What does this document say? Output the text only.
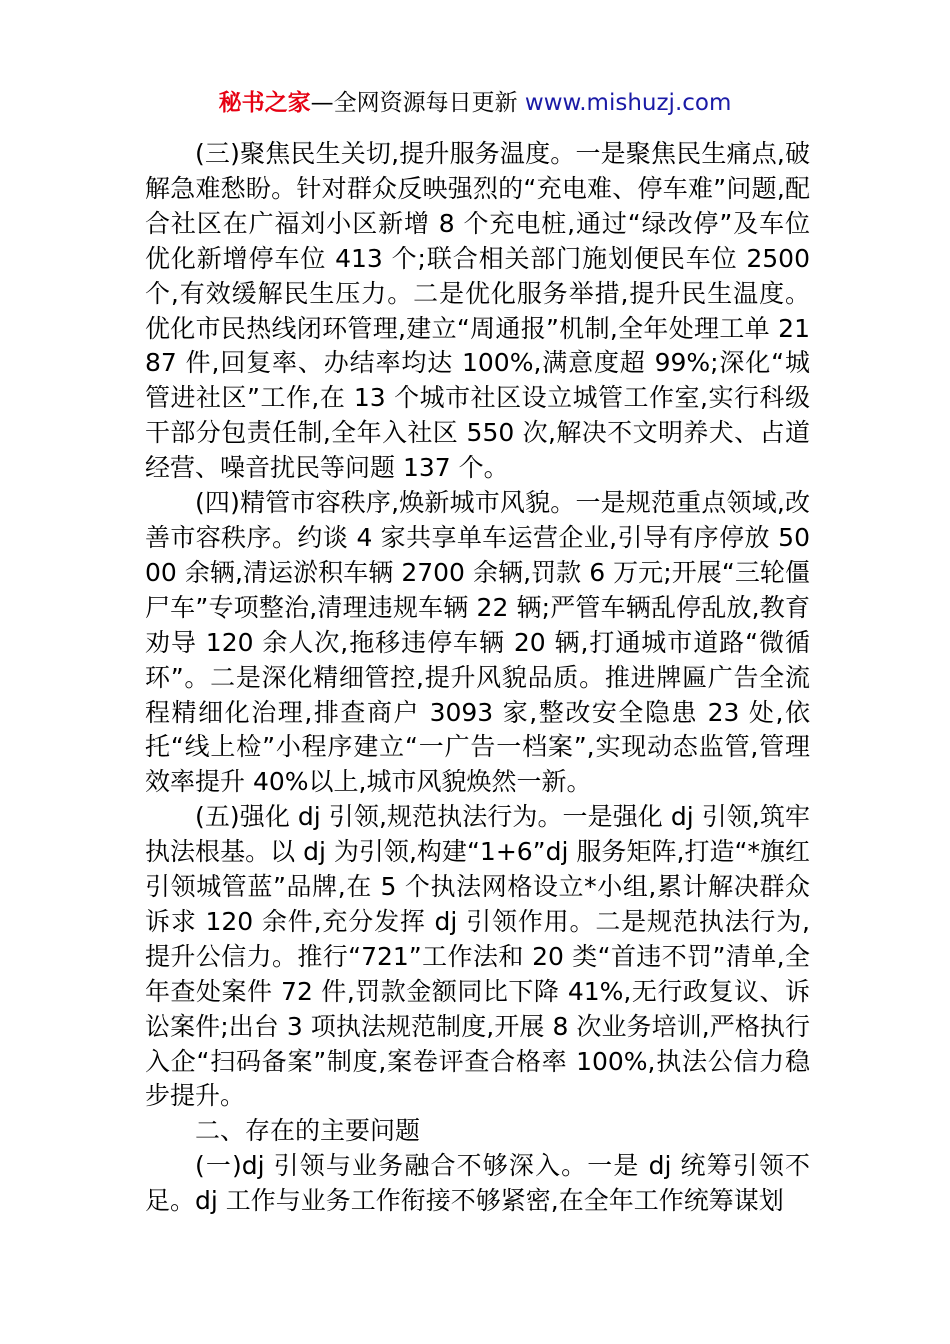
秘书之家—全网资源每日更新 www.mishuzj.com

(三)聚焦民生关切,提升服务温度。一是聚焦民生痛点,破解急难愁盼。针对群众反映强烈的“充电难、停车难”问题,配合社区在广福刘小区新增 8 个充电桩,通过“绿改停”及车位优化新增停车位 413 个;联合相关部门施划便民车位 2500 个,有效缓解民生压力。二是优化服务举措,提升民生温度。优化市民热线闭环管理,建立“周通报”机制,全年处理工单 2187 件,回复率、办结率均达 100%,满意度超 99%;深化“城管进社区”工作,在 13 个城市社区设立城管工作室,实行科级干部分包责任制,全年入社区 550 次,解决不文明养犬、占道经营、噪音扰民等问题 137 个。

(四)精管市容秩序,焕新城市风貌。一是规范重点领域,改善市容秩序。约谈 4 家共享单车运营企业,引导有序停放 5000 余辆,清运淤积车辆 2700 余辆,罚款 6 万元;开展“三轮僵尸车”专项整治,清理违规车辆 22 辆;严管车辆乱停乱放,教育劝导 120 余人次,拖移违停车辆 20 辆,打通城市道路“微循环”。二是深化精细管控,提升风貌品质。推进牌匾广告全流程精细化治理,排查商户 3093 家,整改安全隐患 23 处,依托“线上检”小程序建立“一广告一档案”,实现动态监管,管理效率提升 40%以上,城市风貌焕然一新。

(五)强化 dj 引领,规范执法行为。一是强化 dj 引领,筑牢执法根基。以 dj 为引领,构建“1+6”dj 服务矩阵,打造“*旗红引领城管蓝”品牌,在 5 个执法网格设立*小组,累计解决群众诉求 120 余件,充分发挥 dj 引领作用。二是规范执法行为,提升公信力。推行“721”工作法和 20 类“首违不罚”清单,全年查处案件 72 件,罚款金额同比下降 41%,无行政复议、诉讼案件;出台 3 项执法规范制度,开展 8 次业务培训,严格执行入企“扫码备案”制度,案卷评查合格率 100%,执法公信力稳步提升。

二、存在的主要问题

(一)dj 引领与业务融合不够深入。一是 dj 统筹引领不足。dj 工作与业务工作衔接不够紧密,在全年工作统筹谋划
